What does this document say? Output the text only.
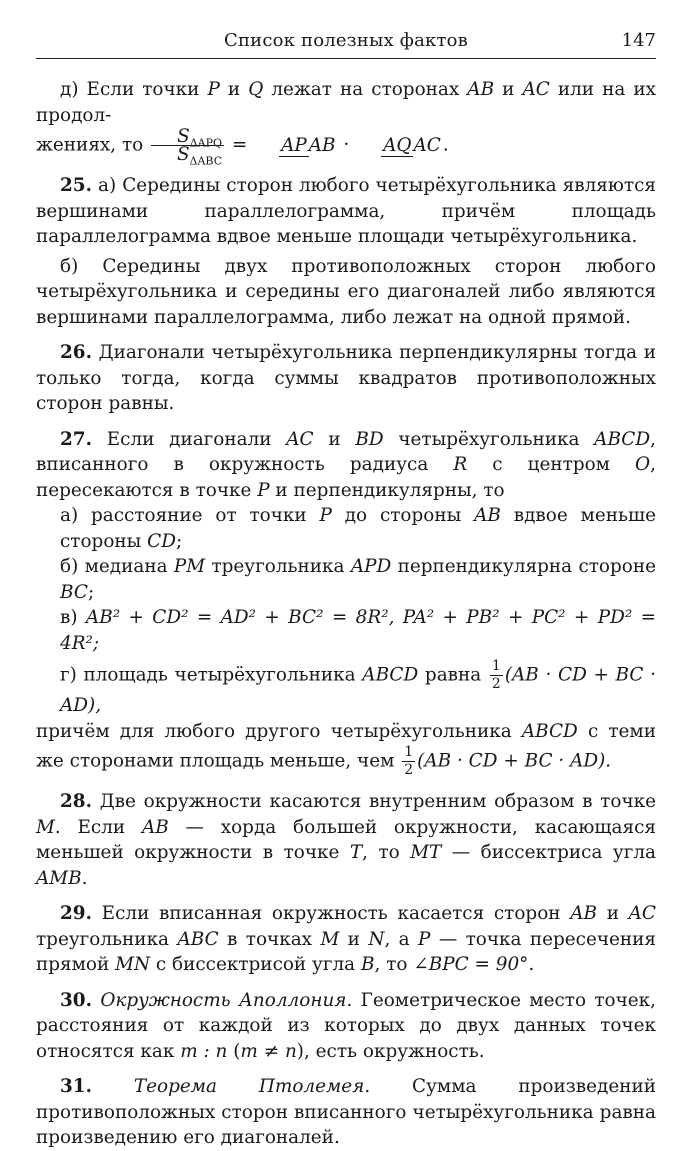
Список полезных фактов	147

д) Если точки P и Q лежат на сторонах AB и AC или на их продол-
жениях, то $\frac{S_{\Delta APQ}}{S_{\Delta ABC}}$ = AP AB · AQ AC .

25. а) Середины сторон любого четырёхугольника являются вершинами параллелограмма, причём площадь параллелограмма вдвое меньше площади четырёхугольника.

б) Середины двух противоположных сторон любого четырёхугольника и середины его диагоналей либо являются вершинами параллелограмма, либо лежат на одной прямой.

26. Диагонали четырёхугольника перпендикулярны тогда и только тогда, когда суммы квадратов противоположных сторон равны.

27. Если диагонали AC и BD четырёхугольника ABCD, вписанного в окружность радиуса R с центром O, пересекаются в точке P и перпендикулярны, то

а) расстояние от точки P до стороны AB вдвое меньше стороны CD;

б) медиана PM треугольника APD перпендикулярна стороне BC;

в) AB² + CD² = AD² + BC² = 8R², PA² + PB² + PC² + PD² = 4R²;

г) площадь четырёхугольника ABCD равна $\frac{1}{2} (AB$ · CD + BC · AD),

причём для любого другого четырёхугольника ABCD с теми же сторонами площадь меньше, чем $\frac{1}{2} (AB$ · CD + BC · AD).

28. Две окружности касаются внутренним образом в точке M. Если AB — хорда большей окружности, касающаяся меньшей окружности в точке T, то MT — биссектриса угла AMB.

29. Если вписанная окружность касается сторон AB и AC треугольника ABC в точках M и N, а P — точка пересечения прямой MN с биссектрисой угла B, то ∠BPC = 90°.

30. Окружность Аполлония. Геометрическое место точек, расстояния от каждой из которых до двух данных точек относятся как m : n (m ≠ n), есть окружность.

31. Теорема Птолемея. Сумма произведений противоположных сторон вписанного четырёхугольника равна произведению его диагоналей.
